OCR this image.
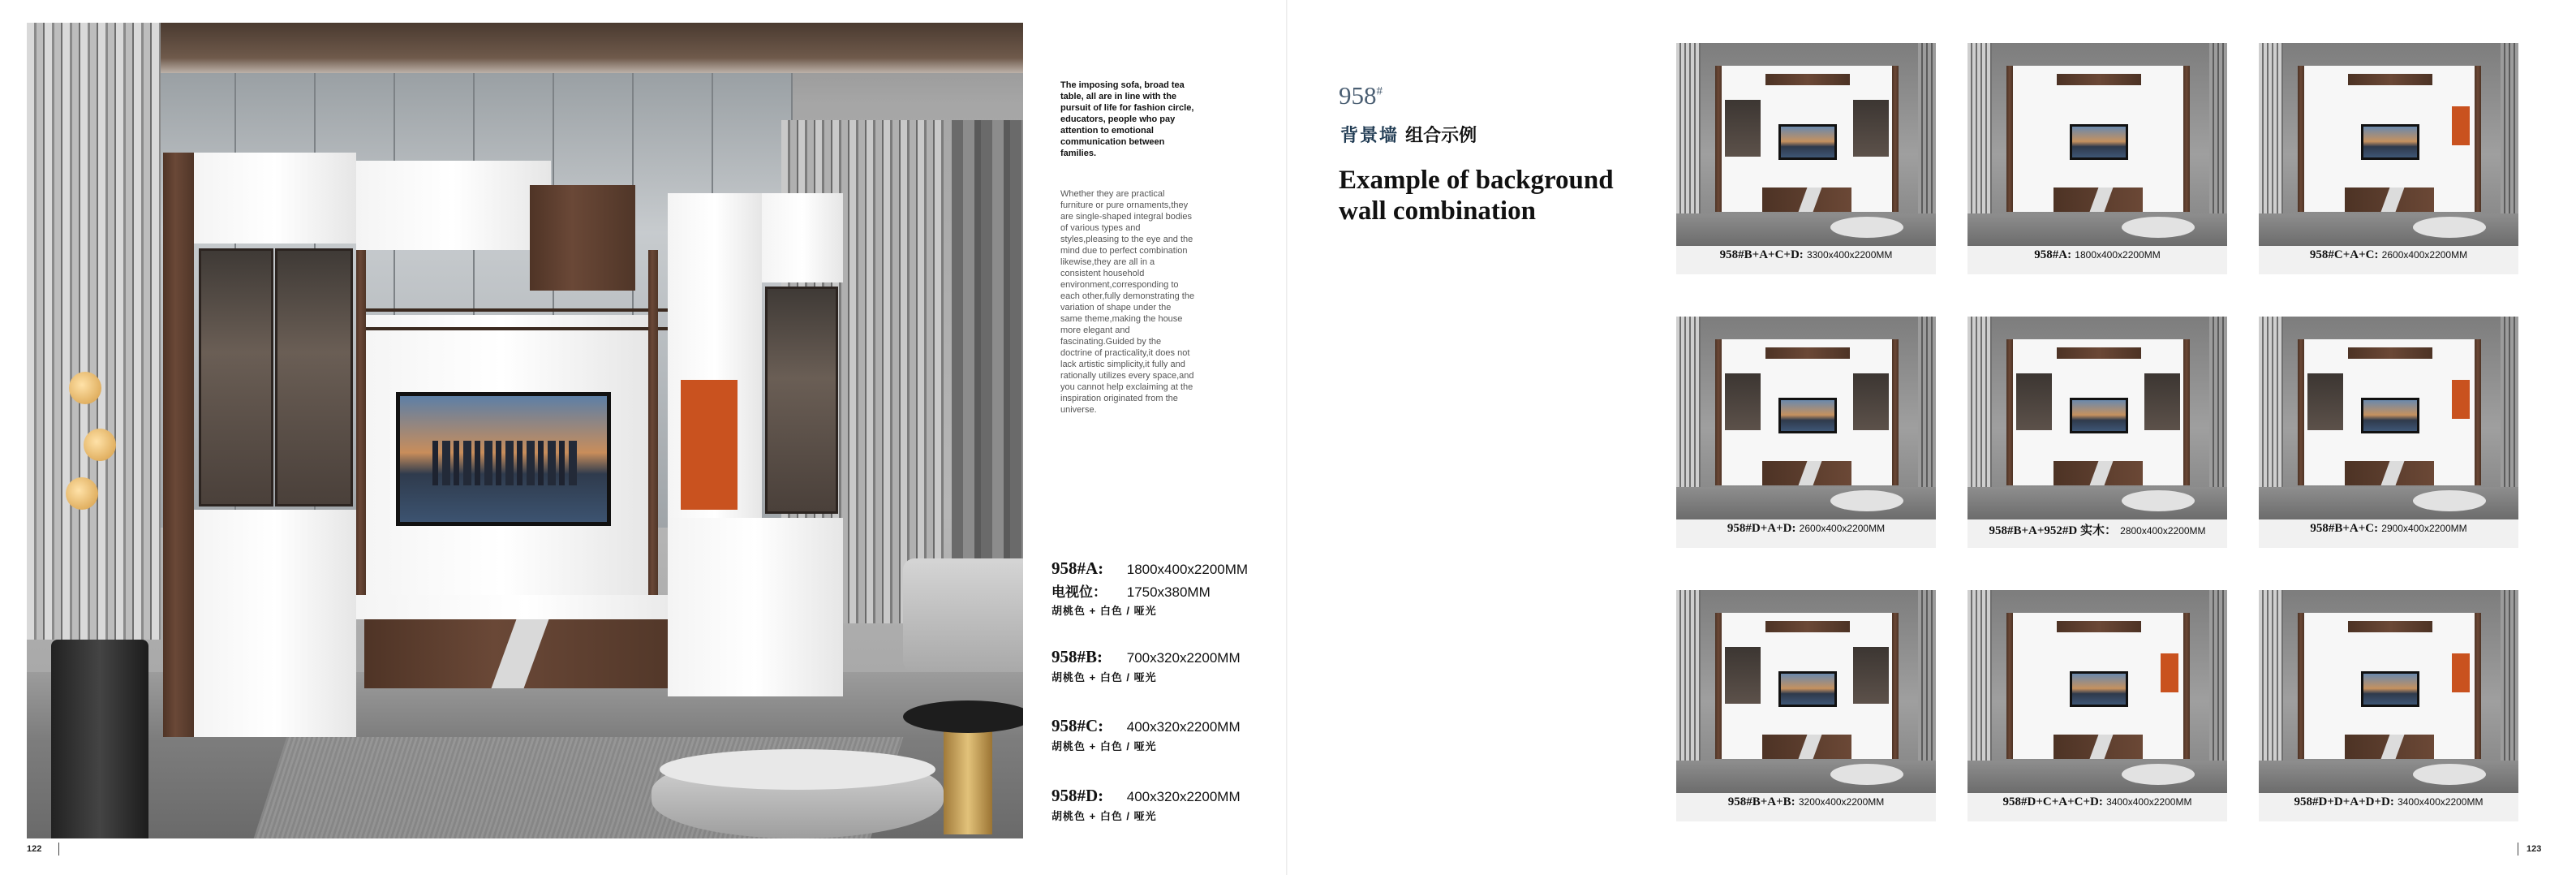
The imposing sofa, broad tea table, all are in line with the pursuit of life for fashion circle, educators, people who pay attention to emotional communication between families.
Whether they are practical furniture or pure ornaments,they are single-shaped integral bodies of various types and styles,pleasing to the eye and the mind due to perfect combination likewise,they are all in a consistent household environment,corresponding to each other,fully demonstrating the variation of shape under the same theme,making the house more elegant and fascinating.Guided by the doctrine of practicality,it does not lack artistic simplicity,it fully and rationally utilizes every space,and you cannot help exclaiming at the inspiration originated from the universe.
958#A: 1800x400x2200MM
电视位： 1750x380MM
胡桃色 + 白色 / 哑光
958#B: 700x320x2200MM
胡桃色 + 白色 / 哑光
958#C: 400x320x2200MM
胡桃色 + 白色 / 哑光
958#D: 400x320x2200MM
胡桃色 + 白色 / 哑光
122
958#
背景墙 组合示例
Example of background
wall combination
123
958#B+A+C+D: 3300x400x2200MM	958#A: 1800x400x2200MM	958#C+A+C: 2600x400x2200MM
958#D+A+D: 2600x400x2200MM	958#B+A+952#D 实木： 2800x400x2200MM	958#B+A+C: 2900x400x2200MM
958#B+A+B: 3200x400x2200MM	958#D+C+A+C+D: 3400x400x2200MM	958#D+D+A+D+D: 3400x400x2200MM
